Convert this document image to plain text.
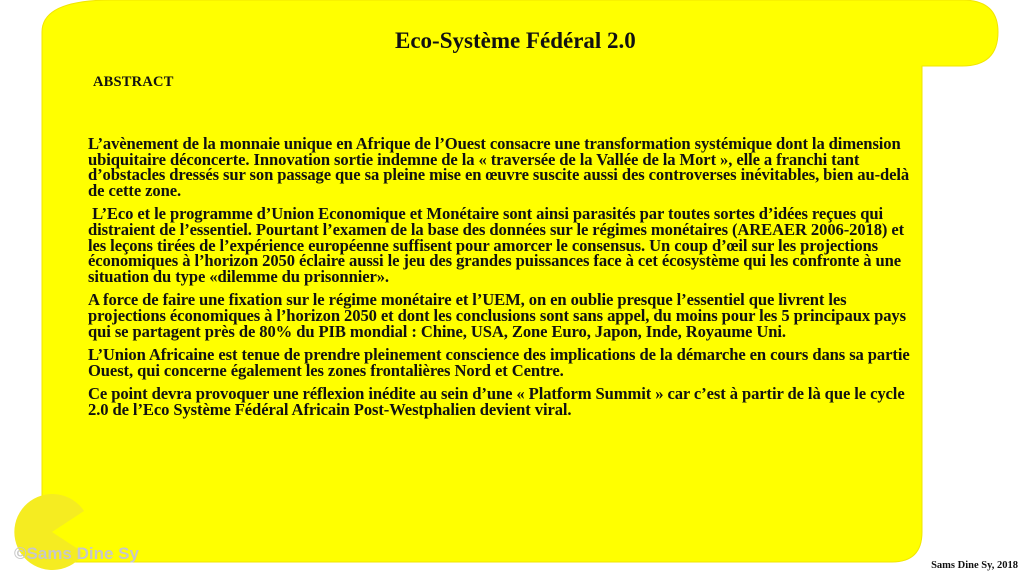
Eco-Système Fédéral 2.0
ABSTRACT

L’avènement de la monnaie unique en Afrique de l’Ouest consacre une transformation systémique dont la dimension ubiquitaire déconcerte. Innovation sortie indemne de la « traversée de la Vallée de la Mort », elle a franchi tant d’obstacles dressés sur son passage que sa pleine mise en œuvre suscite aussi des controverses inévitables, bien au-delà de cette zone.

L’Eco et le programme d’Union Economique et Monétaire sont ainsi parasités par toutes sortes d’idées reçues qui distraient de l’essentiel. Pourtant l’examen de la base des données sur le régimes monétaires (AREAER 2006-2018) et les leçons tirées de l’expérience européenne suffisent pour amorcer le consensus. Un coup d’œil sur les projections économiques à l’horizon 2050 éclaire aussi le jeu des grandes puissances face à cet écosystème qui les confronte à une situation du type «dilemme du prisonnier».

A force de faire une fixation sur le régime monétaire et l’UEM, on en oublie presque l’essentiel que livrent les projections économiques à l’horizon 2050 et dont les conclusions sont sans appel, du moins pour les 5 principaux pays qui se partagent près de 80% du PIB mondial : Chine, USA, Zone Euro, Japon, Inde, Royaume Uni.

L’Union Africaine est tenue de prendre pleinement conscience des implications de la démarche en cours dans sa partie Ouest, qui concerne également les zones frontalières Nord et Centre.

Ce point devra provoquer une réflexion inédite au sein d’une « Platform Summit » car c’est à partir de là que le cycle 2.0 de l’Eco Système Fédéral Africain Post-Westphalien devient viral.

©Sams Dine Sy
Sams Dine Sy, 2018
